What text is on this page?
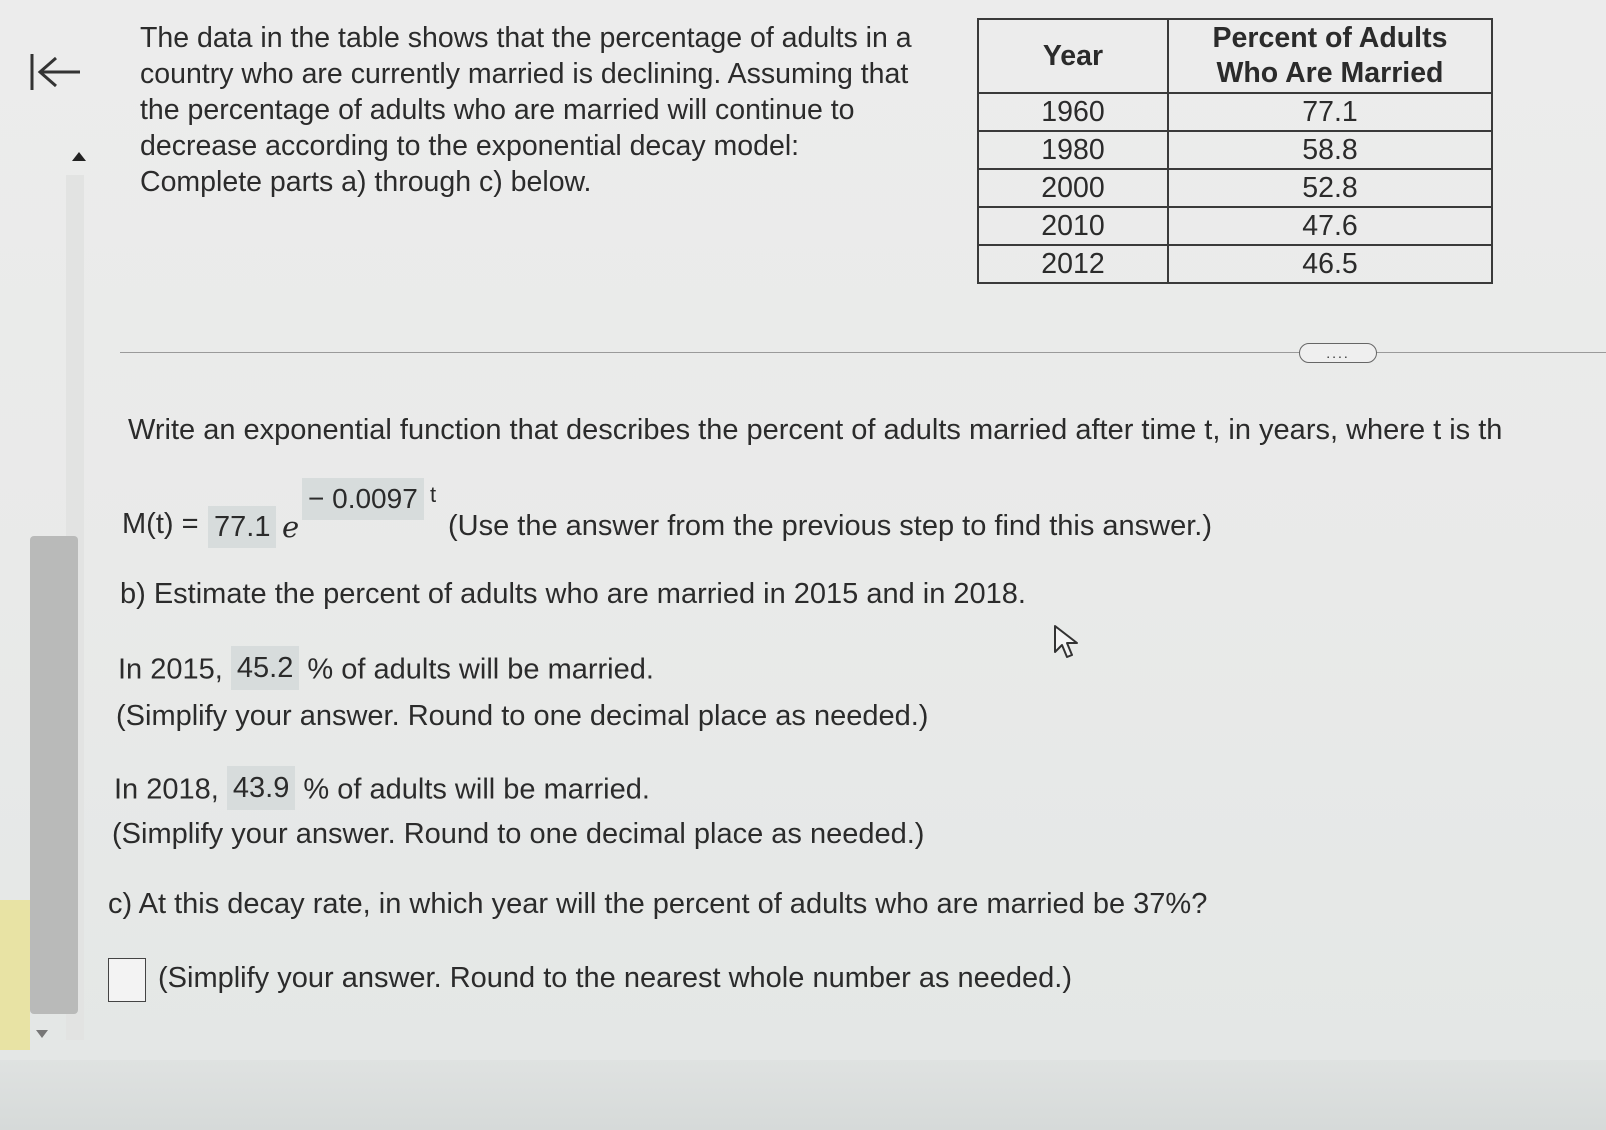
The data in the table shows that the percentage of adults in a
country who are currently married is declining. Assuming that
the percentage of adults who are married will continue to
decrease according to the exponential decay model:
Complete parts a) through c) below.
Year	Percent of Adults Who Are Married
1960	77.1
1980	58.8
2000	52.8
2010	47.6
2012	46.5
....
Write an exponential function that describes the percent of adults married after time t, in years, where t is th
M(t) = 77.1 e
− 0.0097 t
(Use the answer from the previous step to find this answer.)
b) Estimate the percent of adults who are married in 2015 and in 2018.
In 2015, 45.2 % of adults will be married.
(Simplify your answer. Round to one decimal place as needed.)
In 2018, 43.9 % of adults will be married.
(Simplify your answer. Round to one decimal place as needed.)
c) At this decay rate, in which year will the percent of adults who are married be 37%?
(Simplify your answer. Round to the nearest whole number as needed.)
